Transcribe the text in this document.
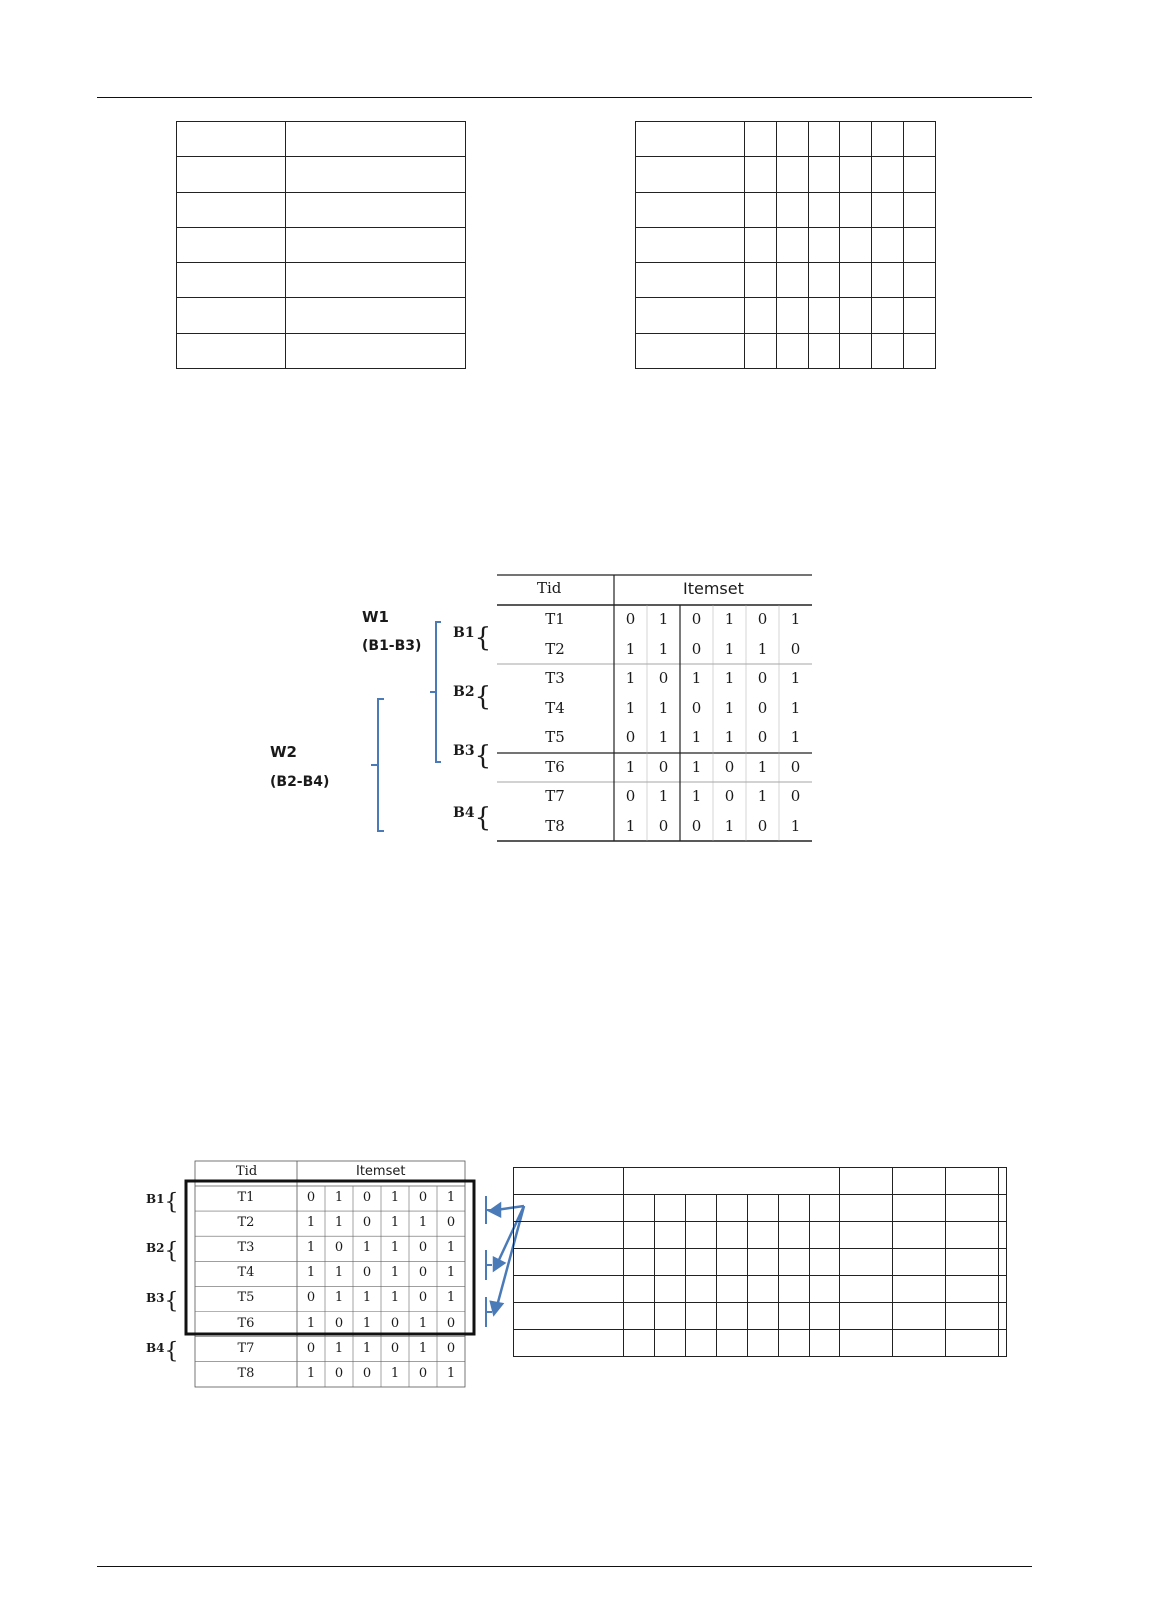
Tid	Itemset
T1	0	1	0	1	0	1
T2	1	1	0	1	1	0
T3	1	0	1	1	0	1
T4	1	1	0	1	0	1
T5	0	1	1	1	0	1
T6	1	0	1	0	1	0
T7	0	1	1	0	1	0
T8	1	0	0	1	0	1
W1
(B1-B3)
W2
(B2-B4)
B1 {
B2 {
B3 {
B4 {
Tid	Itemset
T1	0	1	0	1	0	1
T2	1	1	0	1	1	0
T3	1	0	1	1	0	1
T4	1	1	0	1	0	1
T5	0	1	1	1	0	1
T6	1	0	1	0	1	0
T7	0	1	1	0	1	0
T8	1	0	0	1	0	1
B1 {
B2 {
B3 {
B4 {
